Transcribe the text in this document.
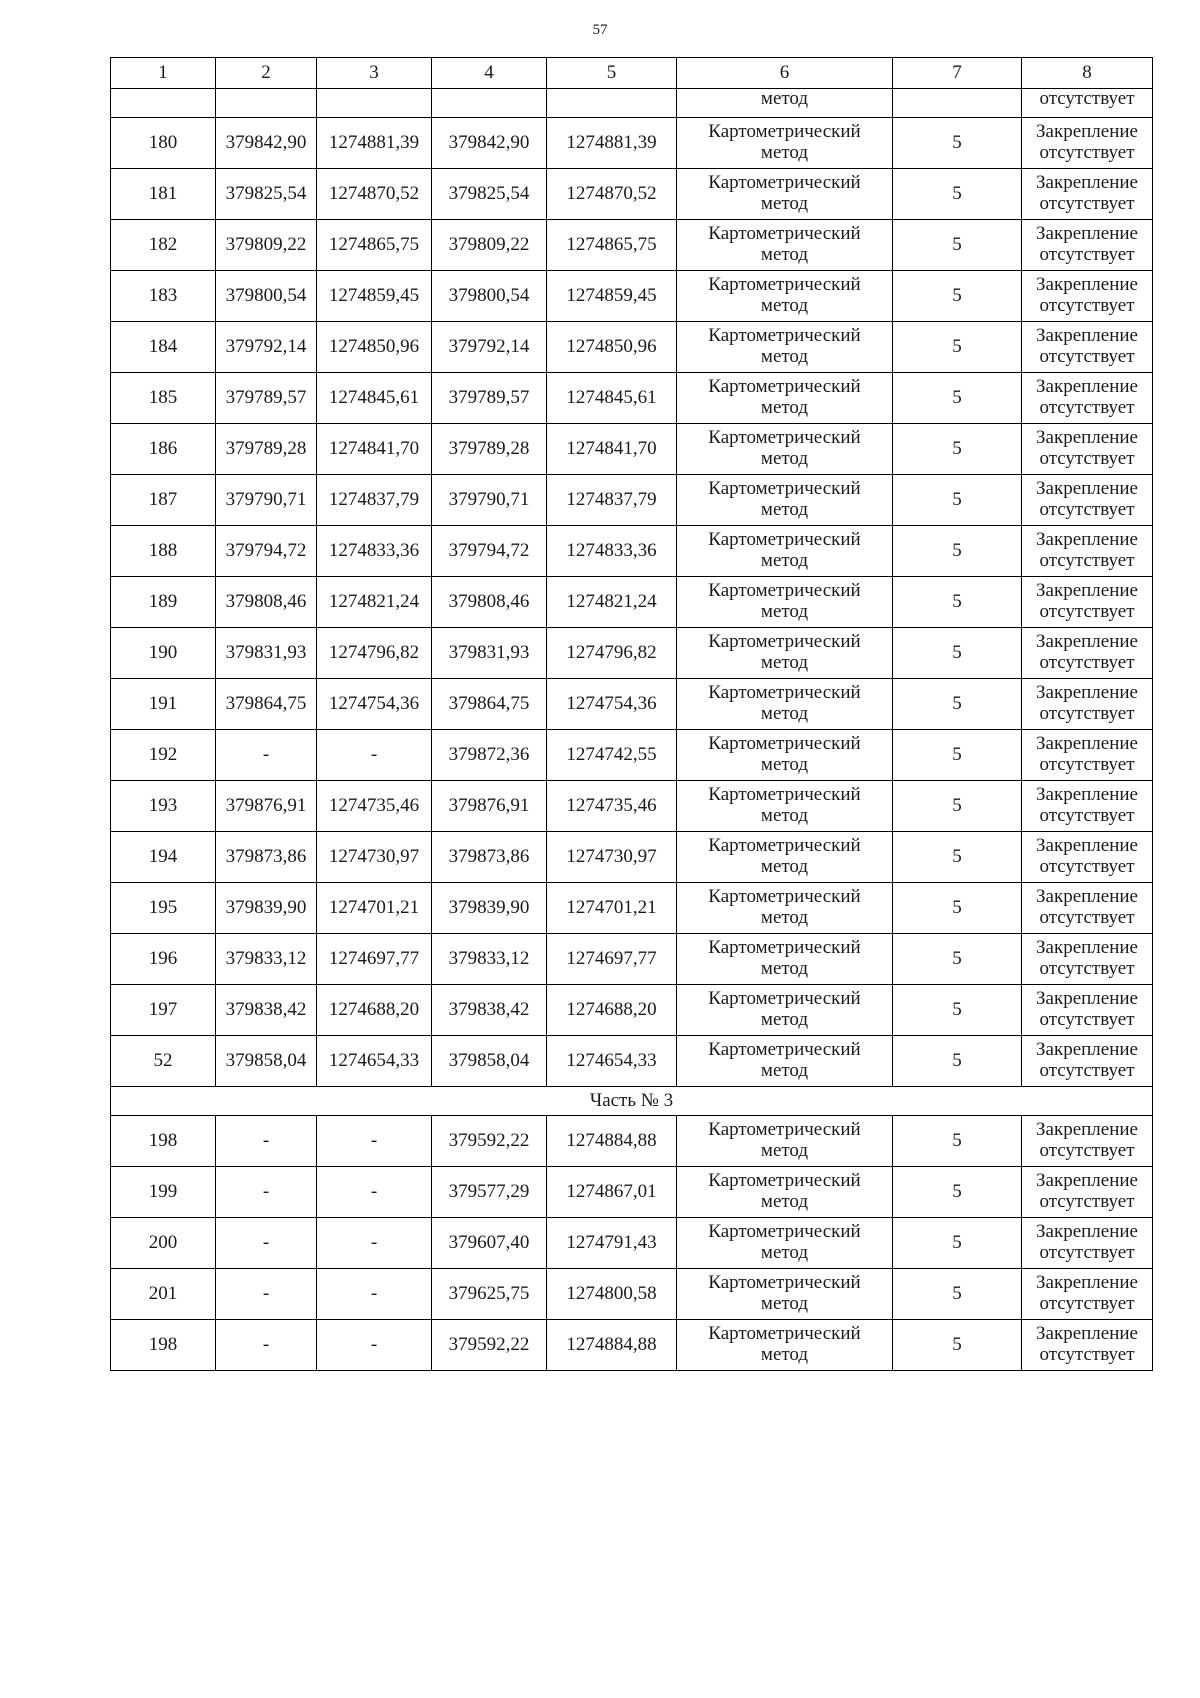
57
1	2	3	4	5	6	7	8
					метод		отсутствует
180	379842,90	1274881,39	379842,90	1274881,39	Картометрический
метод	5	Закрепление
отсутствует

181	379825,54	1274870,52	379825,54	1274870,52	Картометрический
метод	5	Закрепление
отсутствует

182	379809,22	1274865,75	379809,22	1274865,75	Картометрический
метод	5	Закрепление
отсутствует

183	379800,54	1274859,45	379800,54	1274859,45	Картометрический
метод	5	Закрепление
отсутствует

184	379792,14	1274850,96	379792,14	1274850,96	Картометрический
метод	5	Закрепление
отсутствует

185	379789,57	1274845,61	379789,57	1274845,61	Картометрический
метод	5	Закрепление
отсутствует

186	379789,28	1274841,70	379789,28	1274841,70	Картометрический
метод	5	Закрепление
отсутствует

187	379790,71	1274837,79	379790,71	1274837,79	Картометрический
метод	5	Закрепление
отсутствует

188	379794,72	1274833,36	379794,72	1274833,36	Картометрический
метод	5	Закрепление
отсутствует

189	379808,46	1274821,24	379808,46	1274821,24	Картометрический
метод	5	Закрепление
отсутствует

190	379831,93	1274796,82	379831,93	1274796,82	Картометрический
метод	5	Закрепление
отсутствует

191	379864,75	1274754,36	379864,75	1274754,36	Картометрический
метод	5	Закрепление
отсутствует

192	-	-	379872,36	1274742,55	Картометрический
метод	5	Закрепление
отсутствует

193	379876,91	1274735,46	379876,91	1274735,46	Картометрический
метод	5	Закрепление
отсутствует

194	379873,86	1274730,97	379873,86	1274730,97	Картометрический
метод	5	Закрепление
отсутствует

195	379839,90	1274701,21	379839,90	1274701,21	Картометрический
метод	5	Закрепление
отсутствует

196	379833,12	1274697,77	379833,12	1274697,77	Картометрический
метод	5	Закрепление
отсутствует

197	379838,42	1274688,20	379838,42	1274688,20	Картометрический
метод	5	Закрепление
отсутствует

52	379858,04	1274654,33	379858,04	1274654,33	Картометрический
метод	5	Закрепление
отсутствует

Часть № 3							
198	-	-	379592,22	1274884,88	Картометрический
метод	5	Закрепление
отсутствует

199	-	-	379577,29	1274867,01	Картометрический
метод	5	Закрепление
отсутствует

200	-	-	379607,40	1274791,43	Картометрический
метод	5	Закрепление
отсутствует

201	-	-	379625,75	1274800,58	Картометрический
метод	5	Закрепление
отсутствует

198	-	-	379592,22	1274884,88	Картометрический
метод	5	Закрепление
отсутствует
